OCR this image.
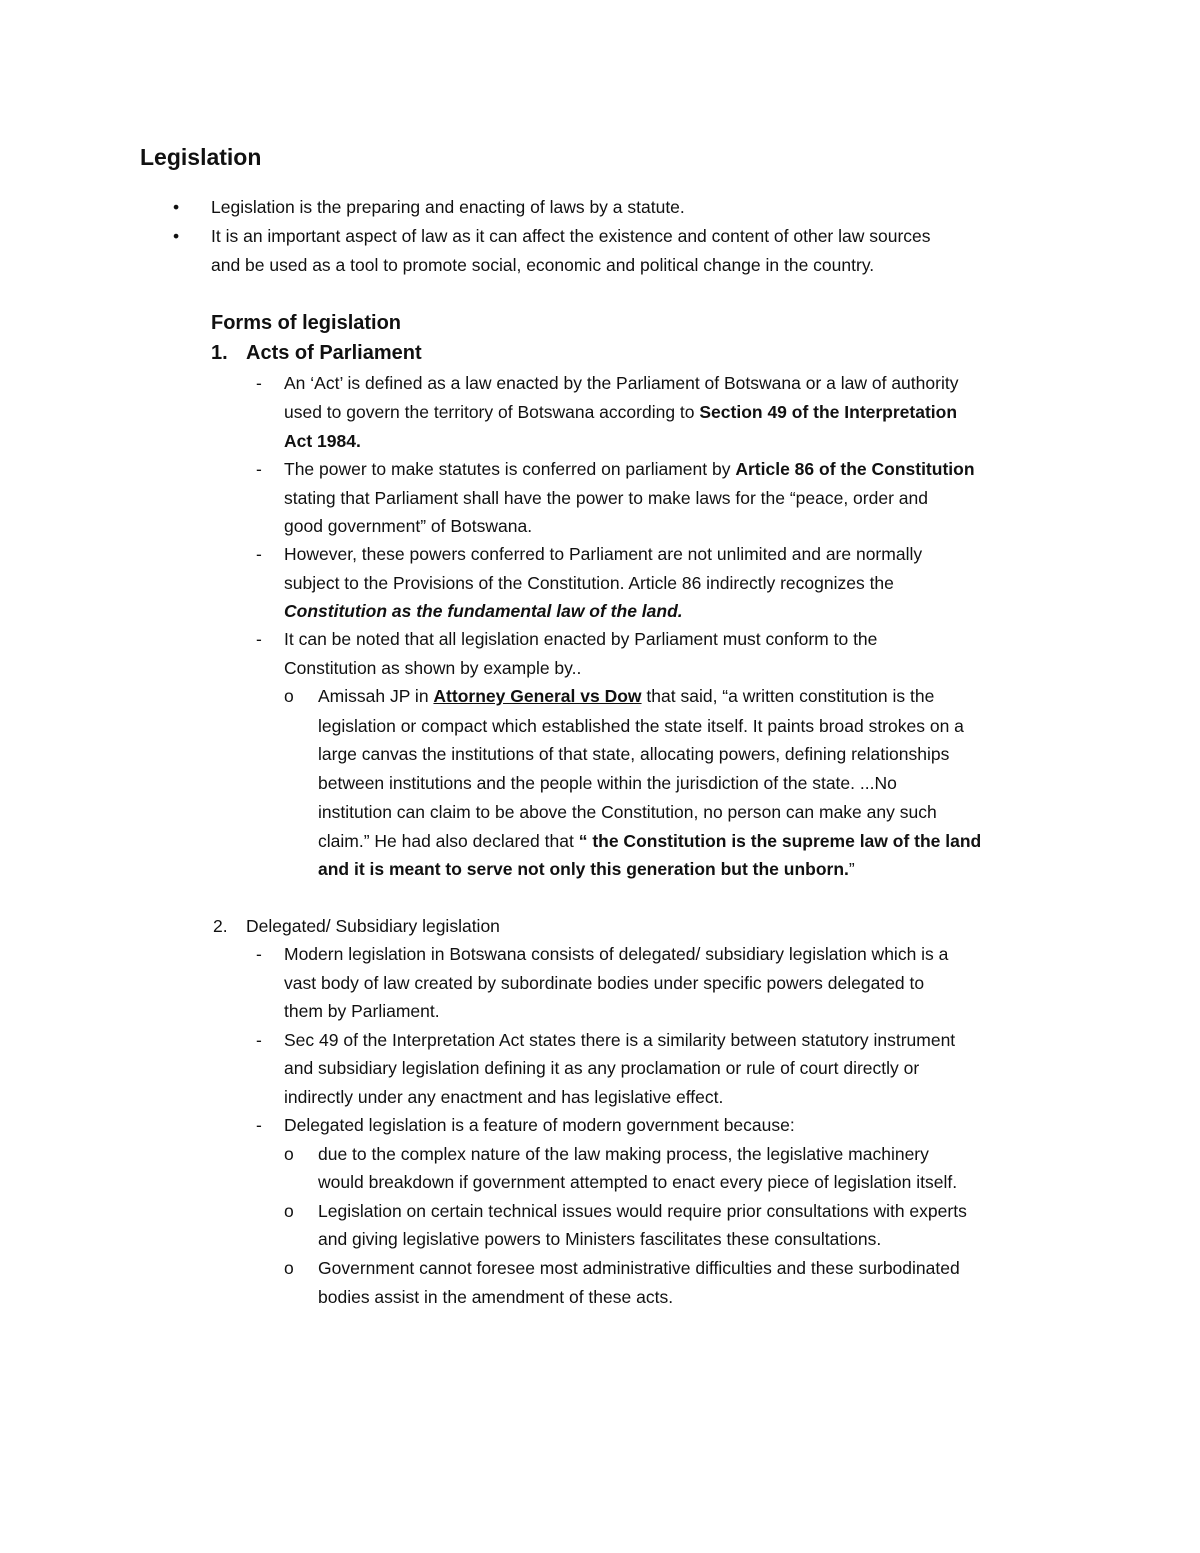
Legislation
• Legislation is the preparing and enacting of laws by a statute.
• It is an important aspect of law as it can affect the existence and content of other law sources
and be used as a tool to promote social, economic and political change in the country.
Forms of legislation
1. Acts of Parliament
- An ‘Act’ is defined as a law enacted by the Parliament of Botswana or a law of authority
used to govern the territory of Botswana according to Section 49 of the Interpretation
Act 1984.
- The power to make statutes is conferred on parliament by Article 86 of the Constitution
stating that Parliament shall have the power to make laws for the “peace, order and
good government” of Botswana.
- However, these powers conferred to Parliament are not unlimited and are normally
subject to the Provisions of the Constitution. Article 86 indirectly recognizes the
Constitution as the fundamental law of the land.
- It can be noted that all legislation enacted by Parliament must conform to the
Constitution as shown by example by..
o Amissah JP in Attorney General vs Dow that said, “a written constitution is the
legislation or compact which established the state itself. It paints broad strokes on a
large canvas the institutions of that state, allocating powers, defining relationships
between institutions and the people within the jurisdiction of the state. ...No
institution can claim to be above the Constitution, no person can make any such
claim.” He had also declared that “ the Constitution is the supreme law of the land
and it is meant to serve not only this generation but the unborn.”
2. Delegated/ Subsidiary legislation
- Modern legislation in Botswana consists of delegated/ subsidiary legislation which is a
vast body of law created by subordinate bodies under specific powers delegated to
them by Parliament.
- Sec 49 of the Interpretation Act states there is a similarity between statutory instrument
and subsidiary legislation defining it as any proclamation or rule of court directly or
indirectly under any enactment and has legislative effect.
- Delegated legislation is a feature of modern government because:
o due to the complex nature of the law making process, the legislative machinery
would breakdown if government attempted to enact every piece of legislation itself.
o Legislation on certain technical issues would require prior consultations with experts
and giving legislative powers to Ministers fascilitates these consultations.
o Government cannot foresee most administrative difficulties and these surbodinated
bodies assist in the amendment of these acts.
